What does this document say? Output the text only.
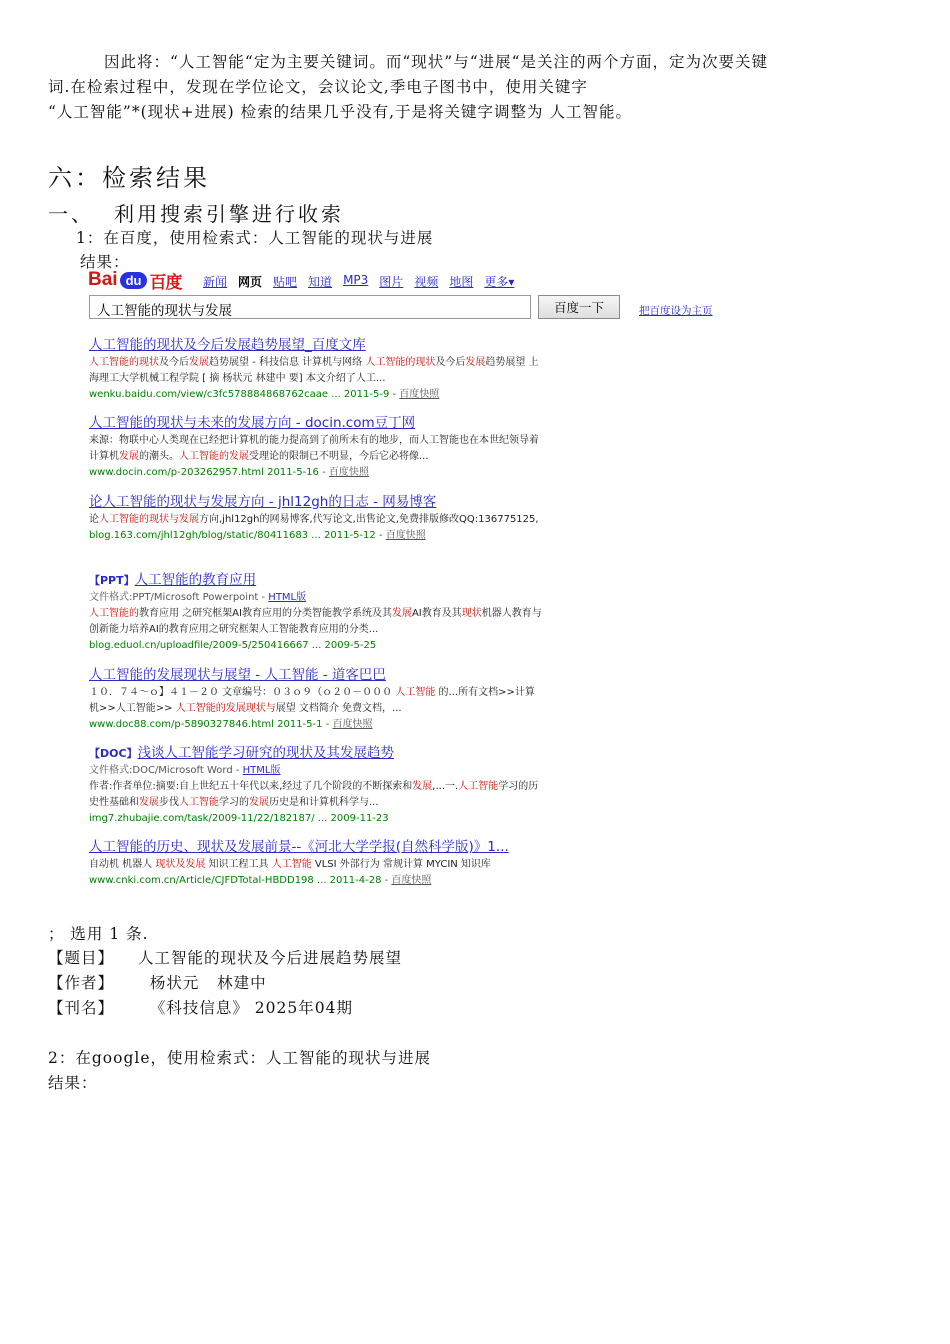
因此将：“人工智能“定为主要关键词。而“现状”与“进展“是关注的两个方面，定为次要关键
词.在检索过程中，发现在学位论文，会议论文,季电子图书中，使用关键字
“人工智能”*(现状+进展) 检索的结果几乎没有,于是将关键字调整为 人工智能。
六：检索结果
一、 利用搜索引擎进行收索
1：在百度，使用检索式：人工智能的现状与进展
结果：
Bai du 百度 新闻 网页 贴吧 知道 MP3 图片 视频 地图 更多▾
人工智能的现状与发展	百度一下	把百度设为主页
人工智能的现状及今后发展趋势展望_百度文库
人工智能的现状及今后发展趋势展望 - 科技信息 计算机与网络 人工智能的现状及今后发展趋势展望 上海理工大学机械工程学院 [ 摘 杨状元 林建中 要] 本文介绍了人工...
wenku.baidu.com/view/c3fc578884868762caae ... 2011-5-9 - 百度快照
人工智能的现状与未来的发展方向 - docin.com豆丁网
来源：物联中心人类现在已经把计算机的能力提高到了前所未有的地步，而人工智能也在本世纪领导着计算机发展的潮头。人工智能的发展受理论的限制已不明显，今后它必将像...
www.docin.com/p-203262957.html 2011-5-16 - 百度快照
论人工智能的现状与发展方向 - jhl12gh的日志 - 网易博客
论人工智能的现状与发展方向,jhl12gh的网易博客,代写论文,出售论文,免费排版修改QQ:136775125,
blog.163.com/jhl12gh/blog/static/80411683 ... 2011-5-12 - 百度快照
【PPT】人工智能的教育应用
文件格式:PPT/Microsoft Powerpoint - HTML版
人工智能的教育应用 之研究框架AI教育应用的分类智能教学系统及其发展AI教育及其现状机器人教育与创新能力培养AI的教育应用之研究框架人工智能教育应用的分类...
blog.eduol.cn/uploadfile/2009-5/250416667 ... 2009-5-25
人工智能的发展现状与展望 - 人工智能 - 道客巴巴
１０．７４～ｏ】４１－２０ 文章编号：０３ｏ９（ｏ２０－０００ 人工智能 的...所有文档>>计算机>>人工智能>> 人工智能的发展现状与展望 文档简介 免费文档，...
www.doc88.com/p-5890327846.html 2011-5-1 - 百度快照
【DOC】浅谈人工智能学习研究的现状及其发展趋势
文件格式:DOC/Microsoft Word - HTML版
作者:作者单位:摘要:自上世纪五十年代以来,经过了几个阶段的不断探索和发展,...一.人工智能学习的历史性基础和发展步伐人工智能学习的发展历史是和计算机科学与...
img7.zhubajie.com/task/2009-11/22/182187/ ... 2009-11-23
人工智能的历史、现状及发展前景--《河北大学学报(自然科学版)》1...
自动机 机器人 现状及发展 知识工程工具 人工智能 VLSI 外部行为 常规计算 MYCIN 知识库
www.cnki.com.cn/Article/CJFDTotal-HBDD198 ... 2011-4-28 - 百度快照
； 选用 1 条.
【题目】 人工智能的现状及今后进展趋势展望
【作者】  杨状元   林建中
【刊名】  《科技信息》 2025年04期
2：在google，使用检索式：人工智能的现状与进展
结果：
